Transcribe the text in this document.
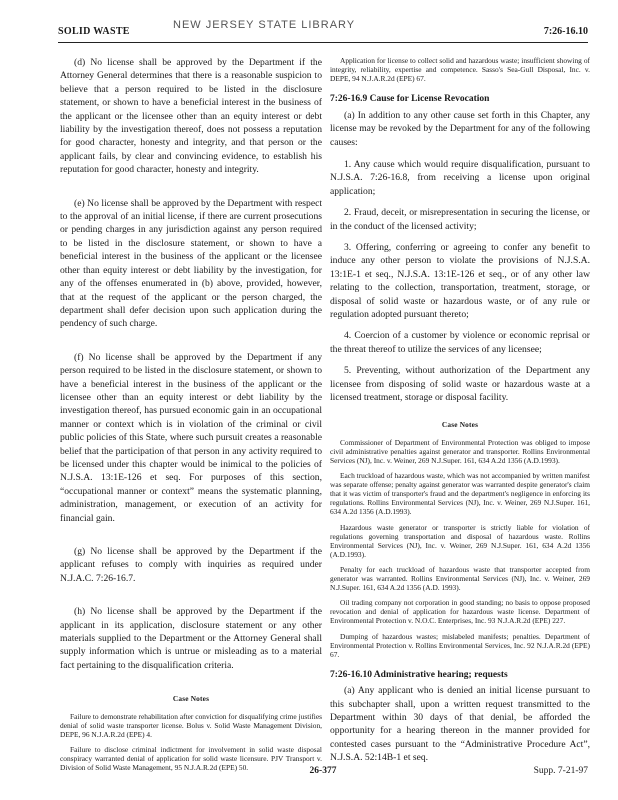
SOLID WASTE
NEW JERSEY STATE LIBRARY
7:26-16.10

(d) No license shall be approved by the Department if the Attorney General determines that there is a reasonable suspicion to believe that a person required to be listed in the disclosure statement, or shown to have a beneficial interest in the business of the applicant or the licensee other than an equity interest or debt liability by the investigation thereof, does not possess a reputation for good character, honesty and integrity, and that person or the applicant fails, by clear and convincing evidence, to establish his reputation for good character, honesty and integrity.

(e) No license shall be approved by the Department with respect to the approval of an initial license, if there are current prosecutions or pending charges in any jurisdiction against any person required to be listed in the disclosure statement, or shown to have a beneficial interest in the business of the applicant or the licensee other than equity interest or debt liability by the investigation, for any of the offenses enumerated in (b) above, provided, however, that at the request of the applicant or the person charged, the department shall defer decision upon such application during the pendency of such charge.

(f) No license shall be approved by the Department if any person required to be listed in the disclosure statement, or shown to have a beneficial interest in the business of the applicant or the licensee other than an equity interest or debt liability by the investigation thereof, has pursued economic gain in an occupational manner or context which is in violation of the criminal or civil public policies of this State, where such pursuit creates a reasonable belief that the participation of that person in any activity required to be licensed under this chapter would be inimical to the policies of N.J.S.A. 13:1E-126 et seq. For purposes of this section, “occupational manner or context” means the systematic planning, administration, management, or execution of an activity for financial gain.

(g) No license shall be approved by the Department if the applicant refuses to comply with inquiries as required under N.J.A.C. 7:26-16.7.

(h) No license shall be approved by the Department if the applicant in its application, disclosure statement or any other materials supplied to the Department or the Attorney General shall supply information which is untrue or misleading as to a material fact pertaining to the disqualification criteria.

Case Notes

Failure to demonstrate rehabilitation after conviction for disqualifying crime justifies denial of solid waste transporter license. Bolus v. Solid Waste Management Division, DEPE, 96 N.J.A.R.2d (EPE) 4.

Failure to disclose criminal indictment for involvement in solid waste disposal conspiracy warranted denial of application for solid waste licensure. PJV Transport v. Division of Solid Waste Management, 95 N.J.A.R.2d (EPE) 50.

Application for license to collect solid and hazardous waste; insufficient showing of integrity, reliability, expertise and competence. Sasso's Sea-Gull Disposal, Inc. v. DEPE, 94 N.J.A.R.2d (EPE) 67.

7:26-16.9 Cause for License Revocation

(a) In addition to any other cause set forth in this Chapter, any license may be revoked by the Department for any of the following causes:

1. Any cause which would require disqualification, pursuant to N.J.S.A. 7:26-16.8, from receiving a license upon original application;

2. Fraud, deceit, or misrepresentation in securing the license, or in the conduct of the licensed activity;

3. Offering, conferring or agreeing to confer any benefit to induce any other person to violate the provisions of N.J.S.A. 13:1E-1 et seq., N.J.S.A. 13:1E-126 et seq., or of any other law relating to the collection, transportation, treatment, storage, or disposal of solid waste or hazardous waste, or of any rule or regulation adopted pursuant thereto;

4. Coercion of a customer by violence or economic reprisal or the threat thereof to utilize the services of any licensee;

5. Preventing, without authorization of the Department any licensee from disposing of solid waste or hazardous waste at a licensed treatment, storage or disposal facility.

Case Notes

Commissioner of Department of Environmental Protection was obliged to impose civil administrative penalties against generator and transporter. Rollins Environmental Services (NJ), Inc. v. Weiner, 269 N.J.Super. 161, 634 A.2d 1356 (A.D.1993).

Each truckload of hazardous waste, which was not accompanied by written manifest was separate offense; penalty against generator was warranted despite generator's claim that it was victim of transporter's fraud and the department's negligence in enforcing its regulations. Rollins Environmental Services (NJ), Inc. v. Weiner, 269 N.J.Super. 161, 634 A.2d 1356 (A.D.1993).

Hazardous waste generator or transporter is strictly liable for violation of regulations governing transportation and disposal of hazardous waste. Rollins Environmental Services (NJ), Inc. v. Weiner, 269 N.J.Super. 161, 634 A.2d 1356 (A.D.1993).

Penalty for each truckload of hazardous waste that transporter accepted from generator was warranted. Rollins Environmental Services (NJ), Inc. v. Weiner, 269 N.J.Super. 161, 634 A.2d 1356 (A.D. 1993).

Oil trading company not corporation in good standing; no basis to oppose proposed revocation and denial of application for hazardous waste license. Department of Environmental Protection v. N.O.C. Enterprises, Inc. 93 N.J.A.R.2d (EPE) 227.

Dumping of hazardous wastes; mislabeled manifests; penalties. Department of Environmental Protection v. Rollins Environmental Services, Inc. 92 N.J.A.R.2d (EPE) 67.

7:26-16.10 Administrative hearing; requests

(a) Any applicant who is denied an initial license pursuant to this subchapter shall, upon a written request transmitted to the Department within 30 days of that denial, be afforded the opportunity for a hearing thereon in the manner provided for contested cases pursuant to the “Administrative Procedure Act”, N.J.S.A. 52:14B-1 et seq.

26-377	Supp. 7-21-97
